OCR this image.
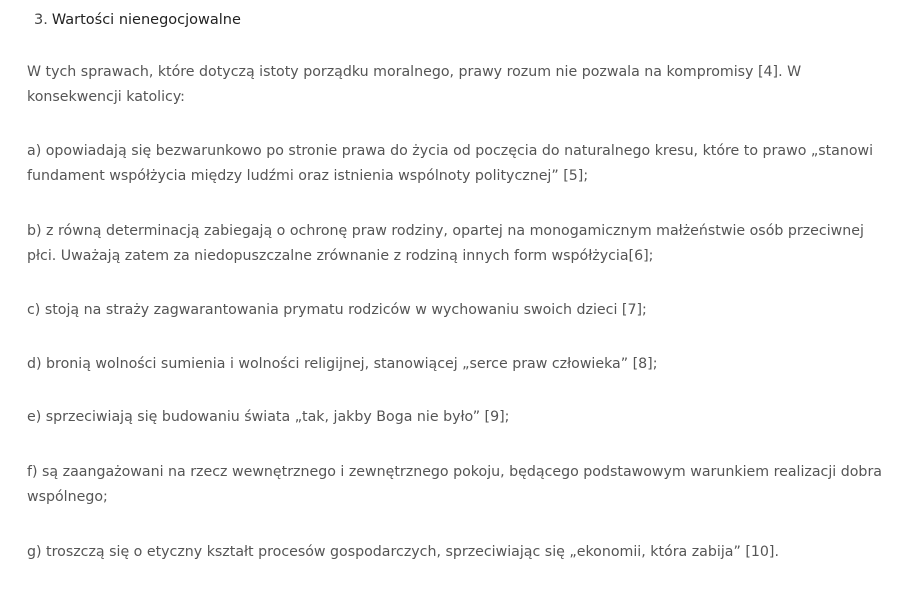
3. Wartości nienegocjowalne

W tych sprawach, które dotyczą istoty porządku moralnego, prawy rozum nie pozwala na kompromisy [4]. W konsekwencji katolicy:

a) opowiadają się bezwarunkowo po stronie prawa do życia od poczęcia do naturalnego kresu, które to prawo „stanowi fundament współżycia między ludźmi oraz istnienia wspólnoty politycznej” [5];

b) z równą determinacją zabiegają o ochronę praw rodziny, opartej na monogamicznym małżeństwie osób przeciwnej płci. Uważają zatem za niedopuszczalne zrównanie z rodziną innych form współżycia[6];

c) stoją na straży zagwarantowania prymatu rodziców w wychowaniu swoich dzieci [7];

d) bronią wolności sumienia i wolności religijnej, stanowiącej „serce praw człowieka” [8];

e) sprzeciwiają się budowaniu świata „tak, jakby Boga nie było” [9];

f) są zaangażowani na rzecz wewnętrznego i zewnętrznego pokoju, będącego podstawowym warunkiem realizacji dobra wspólnego;

g) troszczą się o etyczny kształt procesów gospodarczych, sprzeciwiając się „ekonomii, która zabija” [10].
